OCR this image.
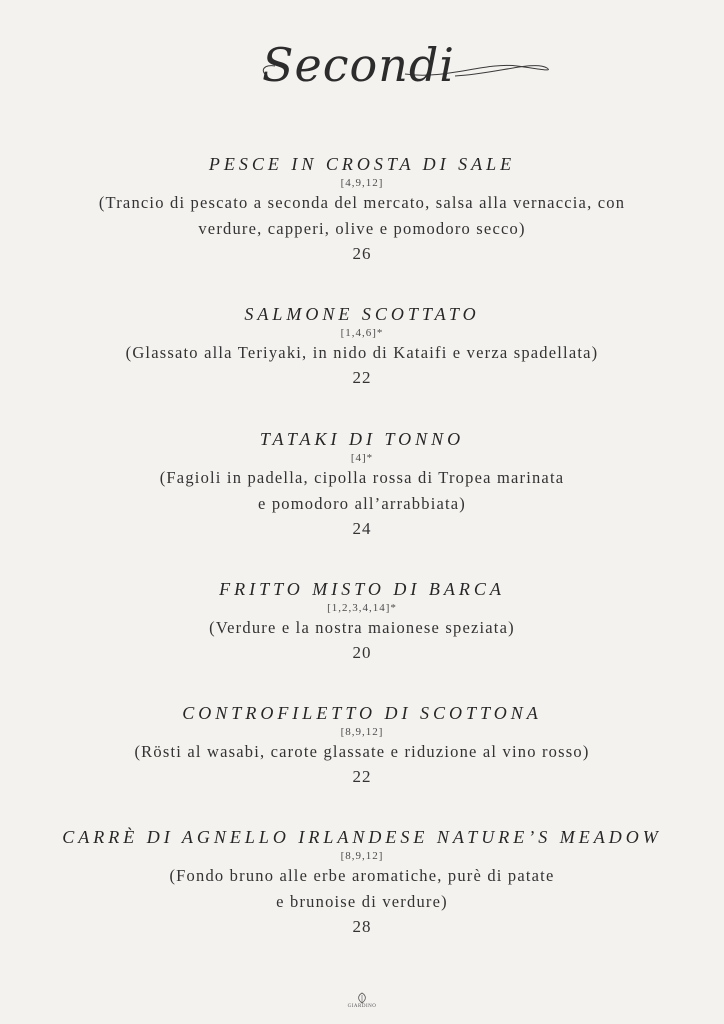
Secondi
PESCE IN CROSTA DI SALE
[4,9,12]
(Trancio di pescato a seconda del mercato, salsa alla vernaccia, con
verdure, capperi, olive e pomodoro secco)
26
SALMONE SCOTTATO
[1,4,6]*
(Glassato alla Teriyaki, in nido di Kataifi e verza spadellata)
22
TATAKI DI TONNO
[4]*
(Fagioli in padella, cipolla rossa di Tropea marinata
e pomodoro all’arrabbiata)
24
FRITTO MISTO DI BARCA
[1,2,3,4,14]*
(Verdure e la nostra maionese speziata)
20
CONTROFILETTO DI SCOTTONA
[8,9,12]
(Rösti al wasabi, carote glassate e riduzione al vino rosso)
22
CARRÈ DI AGNELLO IRLANDESE NATURE’S MEADOW
[8,9,12]
(Fondo bruno alle erbe aromatiche, purè di patate
e brunoise di verdure)
28
GIARDINO
